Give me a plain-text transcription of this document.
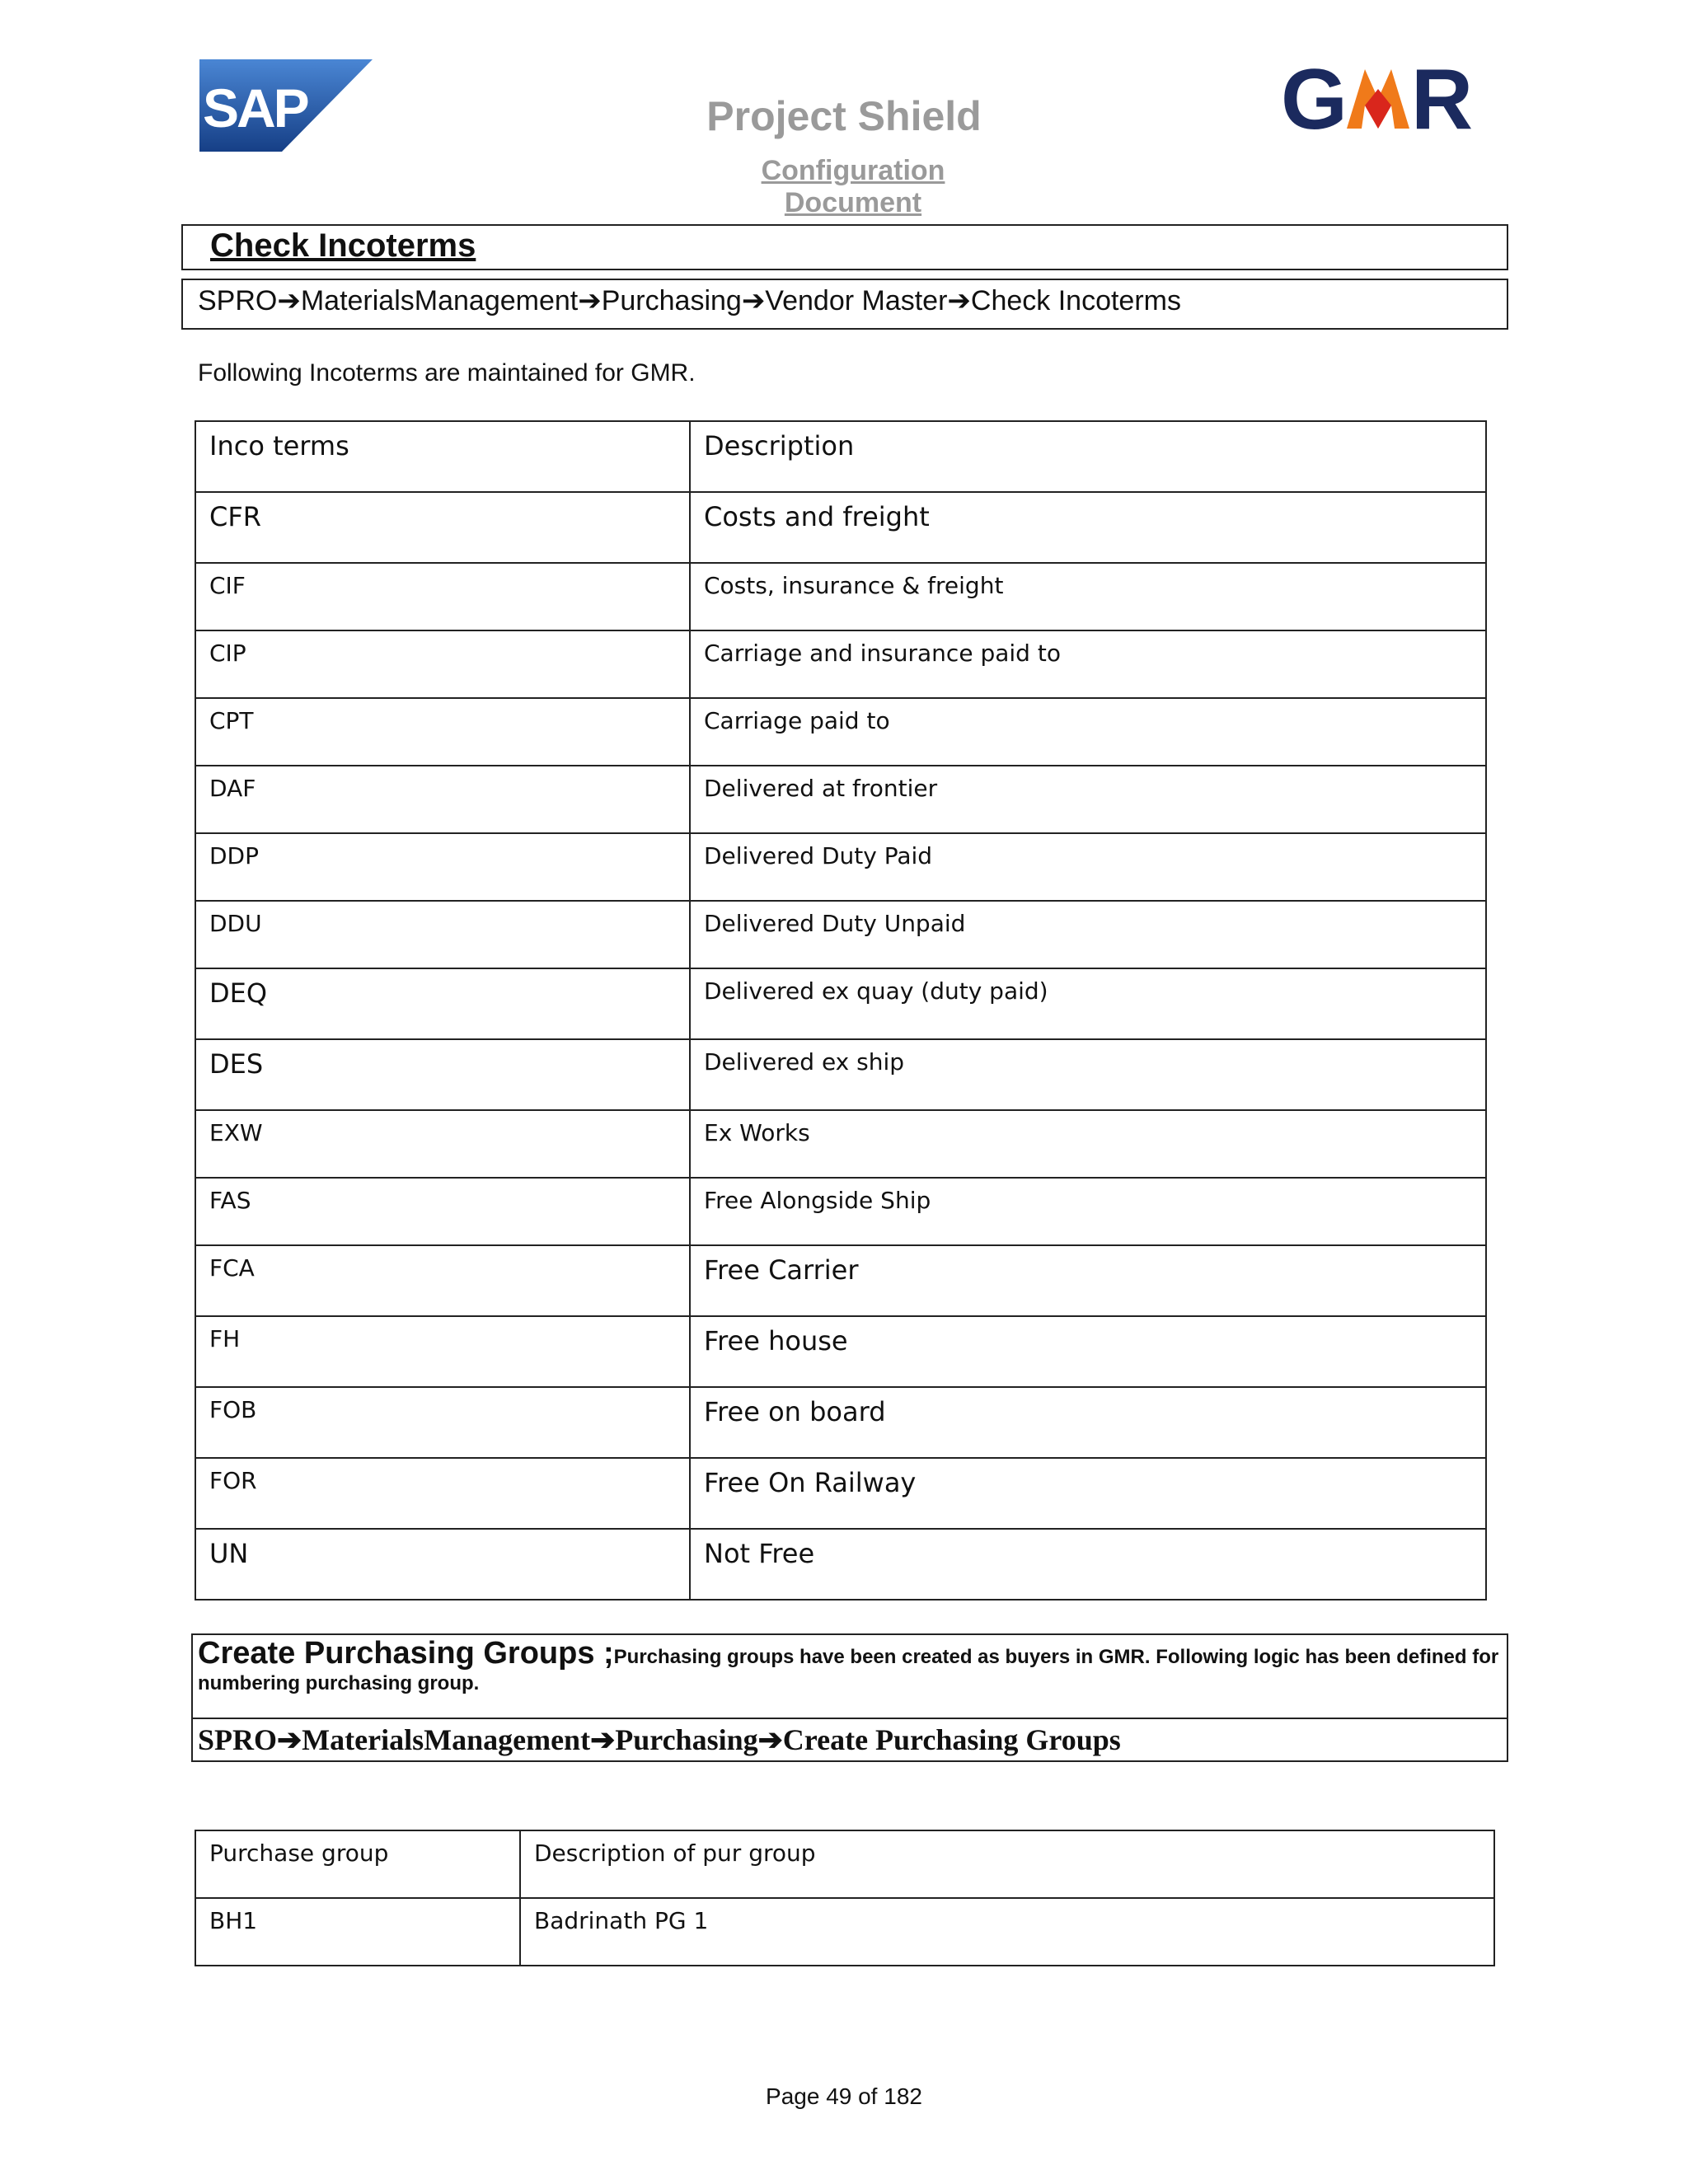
SAP	G R
Project Shield
Configuration Document
Check Incoterms
SPRO➔MaterialsManagement➔Purchasing➔Vendor Master➔Check Incoterms
Following Incoterms are maintained for GMR.
Inco terms	Description
CFR	Costs and freight
CIF	Costs, insurance & freight
CIP	Carriage and insurance paid to
CPT	Carriage paid to
DAF	Delivered at frontier
DDP	Delivered Duty Paid
DDU	Delivered Duty Unpaid
DEQ	Delivered ex quay (duty paid)
DES	Delivered ex ship
EXW	Ex Works
FAS	Free Alongside Ship
FCA	Free Carrier
FH	Free house
FOB	Free on board
FOR	Free On Railway
UN	Not Free
Create Purchasing Groups ;Purchasing groups have been created as buyers in GMR. Following logic has been defined for numbering purchasing group.
SPRO➔MaterialsManagement➔Purchasing➔Create Purchasing Groups
Purchase group	Description of pur group
BH1	Badrinath PG 1
Page 49 of 182
